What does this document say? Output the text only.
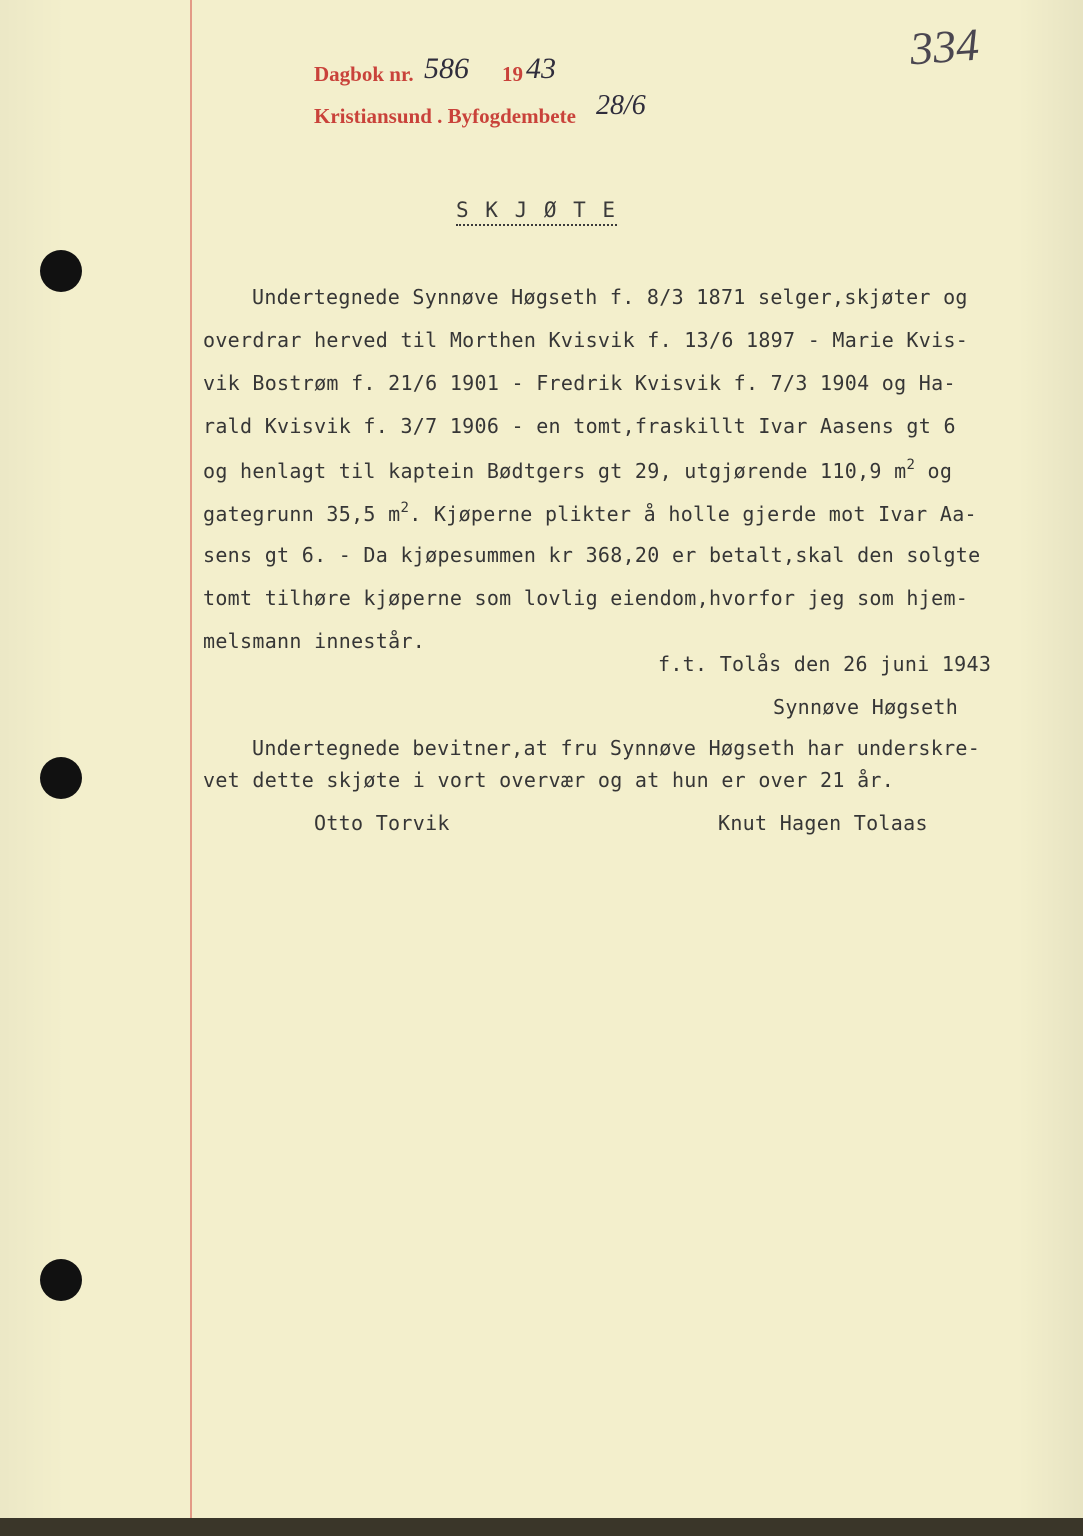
Dagbok nr. 586 19 43
Kristiansund . Byfogdembete 28/6
334
S K J Ø T E
Undertegnede Synnøve Høgseth f. 8/3 1871 selger,skjøter og
overdrar herved til Morthen Kvisvik f. 13/6 1897 - Marie Kvis-
vik Bostrøm f. 21/6 1901 - Fredrik Kvisvik f. 7/3 1904 og Ha-
rald Kvisvik f. 3/7 1906 - en tomt,fraskillt Ivar Aasens gt 6
og henlagt til kaptein Bødtgers gt 29, utgjørende 110,9 $m^2$ og
gategrunn 35,5 $m^2$. Kjøperne plikter å holle gjerde mot Ivar Aa-
sens gt 6. - Da kjøpesummen kr 368,20 er betalt,skal den solgte
tomt tilhøre kjøperne som lovlig eiendom,hvorfor jeg som hjem-
melsmann innestår.
f.t. Tolås den 26 juni 1943
Synnøve Høgseth
Undertegnede bevitner,at fru Synnøve Høgseth har underskre-
vet dette skjøte i vort overvær og at hun er over 21 år.
Otto Torvik	Knut Hagen Tolaas
